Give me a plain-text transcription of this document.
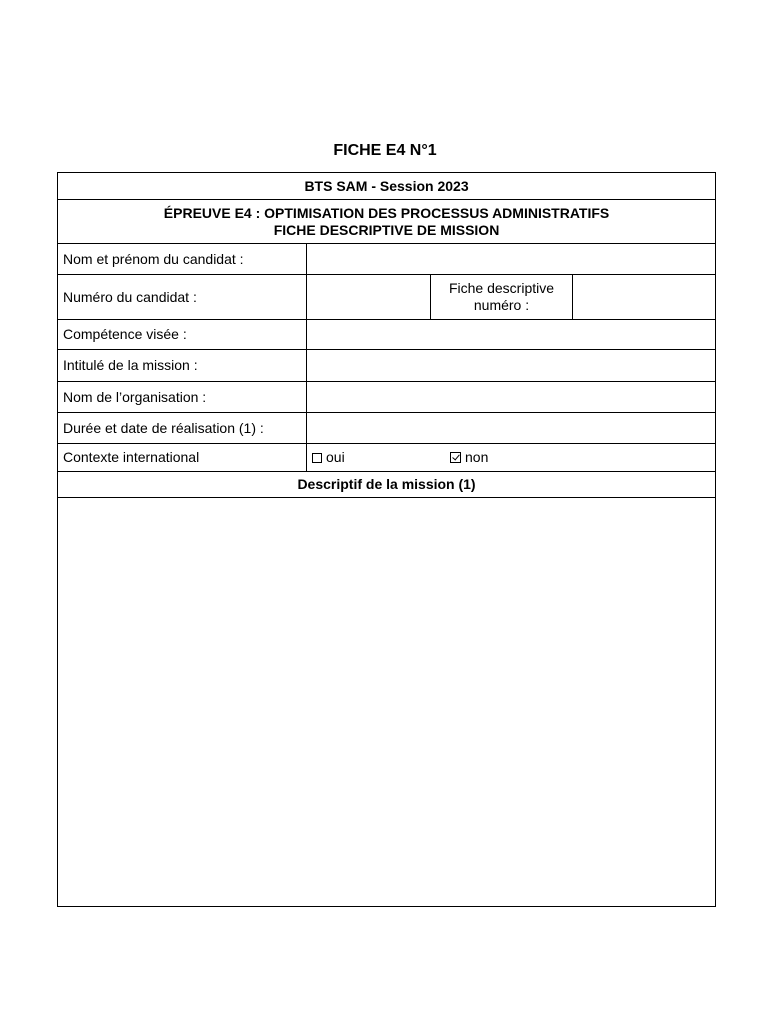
FICHE E4 N°1
BTS SAM - Session 2023			

ÉPREUVE E4 : OPTIMISATION DES PROCESSUS ADMINISTRATIFS
FICHE DESCRIPTIVE DE MISSION			

Nom et prénom du candidat :			
Numéro du candidat :		Fiche descriptive
numéro :	

Compétence visée :			
Intitulé de la mission :			
Nom de l’organisation :			
Durée et date de réalisation (1) :			
Contexte international	oui non		
Descriptif de la mission (1)			
